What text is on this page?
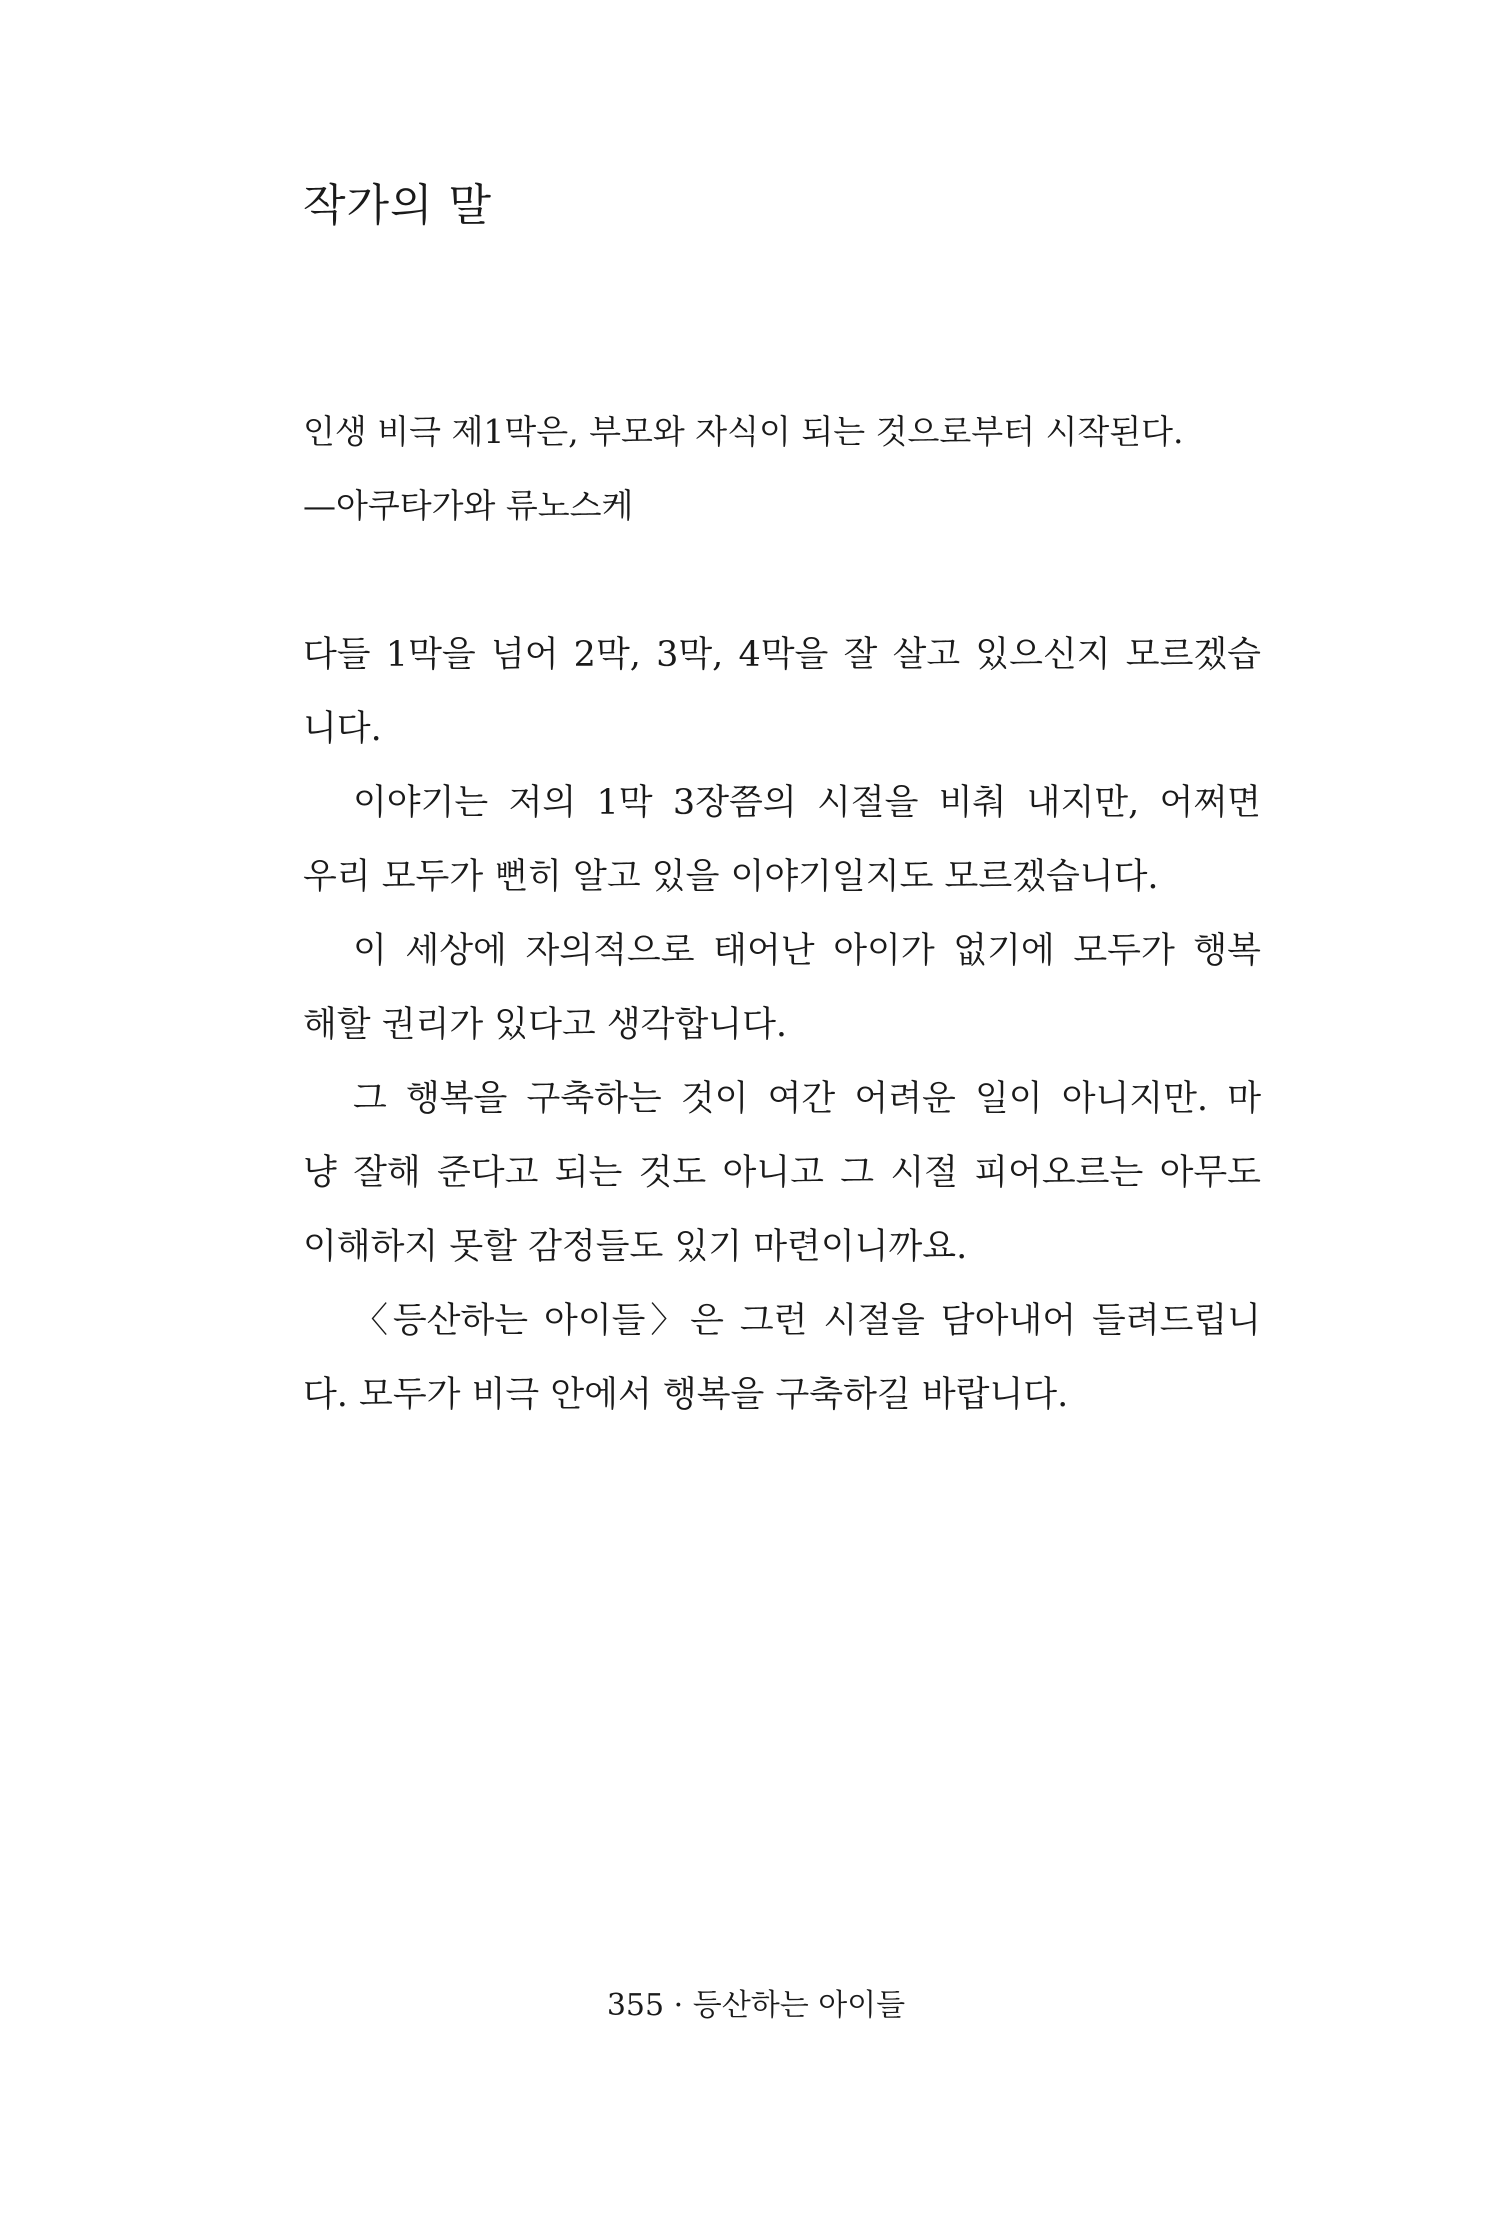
작가의 말
인생 비극 제1막은, 부모와 자식이 되는 것으로부터 시작된다.
—아쿠타가와 류노스케
다들 1막을 넘어 2막, 3막, 4막을 잘 살고 있으신지 모르겠습
니다.
이야기는 저의 1막 3장쯤의 시절을 비춰 내지만, 어쩌면
우리 모두가 뻔히 알고 있을 이야기일지도 모르겠습니다.
이 세상에 자의적으로 태어난 아이가 없기에 모두가 행복
해할 권리가 있다고 생각합니다.
그 행복을 구축하는 것이 여간 어려운 일이 아니지만. 마
냥 잘해 준다고 되는 것도 아니고 그 시절 피어오르는 아무도
이해하지 못할 감정들도 있기 마련이니까요.
〈등산하는 아이들〉은 그런 시절을 담아내어 들려드립니
다. 모두가 비극 안에서 행복을 구축하길 바랍니다.
355 · 등산하는 아이들
